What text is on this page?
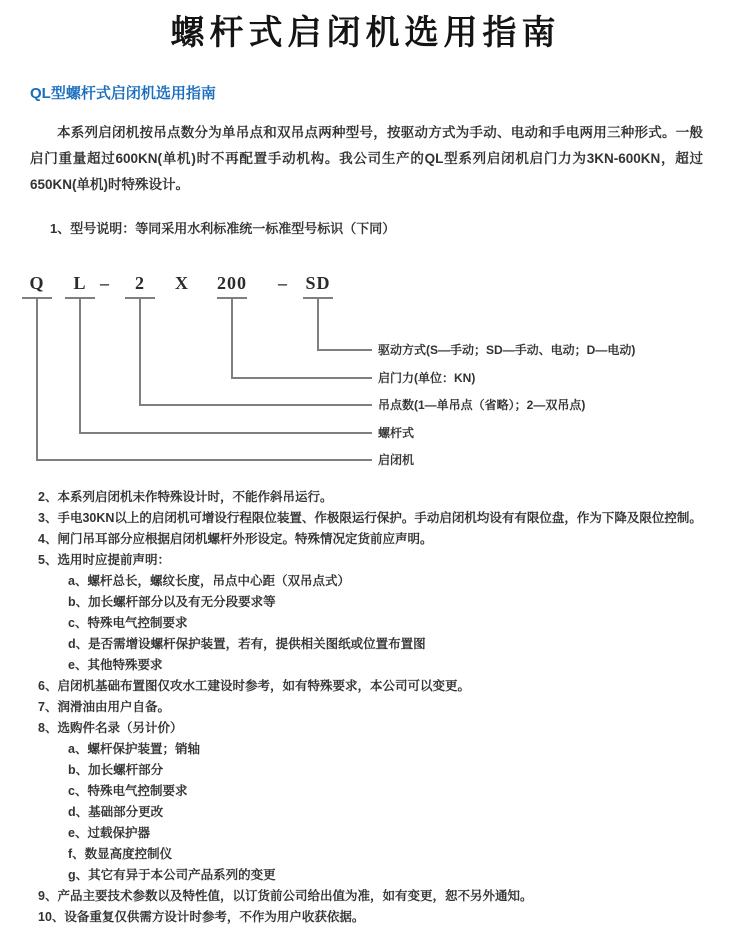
螺杆式启闭机选用指南
QL型螺杆式启闭机选用指南
本系列启闭机按吊点数分为单吊点和双吊点两种型号，按驱动方式为手动、电动和手电两用三种形式。一般启门重量超过600KN(单机)时不再配置手动机构。我公司生产的QL型系列启闭机启门力为3KN-600KN，超过650KN(单机)时特殊设计。
1、型号说明：等同采用水利标准统一标准型号标识（下同）
Q L – 2 X 200 – SD
驱动方式(S—手动；SD—手动、电动；D—电动)
启门力(单位：KN)
吊点数(1—单吊点（省略）；2—双吊点)
螺杆式
启闭机
2、本系列启闭机未作特殊设计时，不能作斜吊运行。
3、手电30KN以上的启闭机可增设行程限位装置、作极限运行保护。手动启闭机均设有有限位盘，作为下降及限位控制。
4、闸门吊耳部分应根据启闭机螺杆外形设定。特殊情况定货前应声明。
5、选用时应提前声明：
a、螺杆总长，螺纹长度，吊点中心距（双吊点式）
b、加长螺杆部分以及有无分段要求等
c、特殊电气控制要求
d、是否需增设螺杆保护装置，若有，提供相关图纸或位置布置图
e、其他特殊要求
6、启闭机基础布置图仅攻水工建设时参考，如有特殊要求，本公司可以变更。
7、润滑油由用户自备。
8、选购件名录（另计价）
a、螺杆保护装置；销轴
b、加长螺杆部分
c、特殊电气控制要求
d、基础部分更改
e、过载保护器
f、数显高度控制仪
g、其它有异于本公司产品系列的变更
9、产品主要技术参数以及特性值，以订货前公司给出值为准，如有变更，恕不另外通知。
10、设备重复仅供需方设计时参考，不作为用户收获依据。
